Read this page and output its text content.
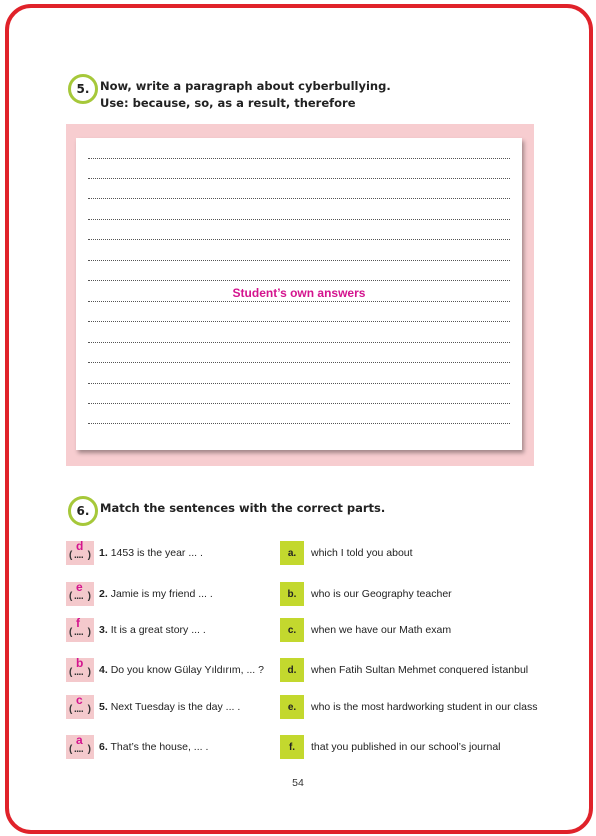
5. Now, write a paragraph about cyberbullying.
Use: because, so, as a result, therefore
Student’s own answers
6. Match the sentences with the correct parts.
( .... )
d 1. 1453 is the year ... .	a.	which I told you about
( .... )
e 2. Jamie is my friend ... .	b.	who is our Geography teacher
( .... )
f 3. It is a great story ... .	c.	when we have our Math exam
( .... )
b 4. Do you know Gülay Yıldırım, ... ?	d.	when Fatih Sultan Mehmet conquered İstanbul
( .... )
c 5. Next Tuesday is the day ... .	e.	who is the most hardworking student in our class
( .... )
a 6. That’s the house, ... .	f.	that you published in our school’s journal
54
